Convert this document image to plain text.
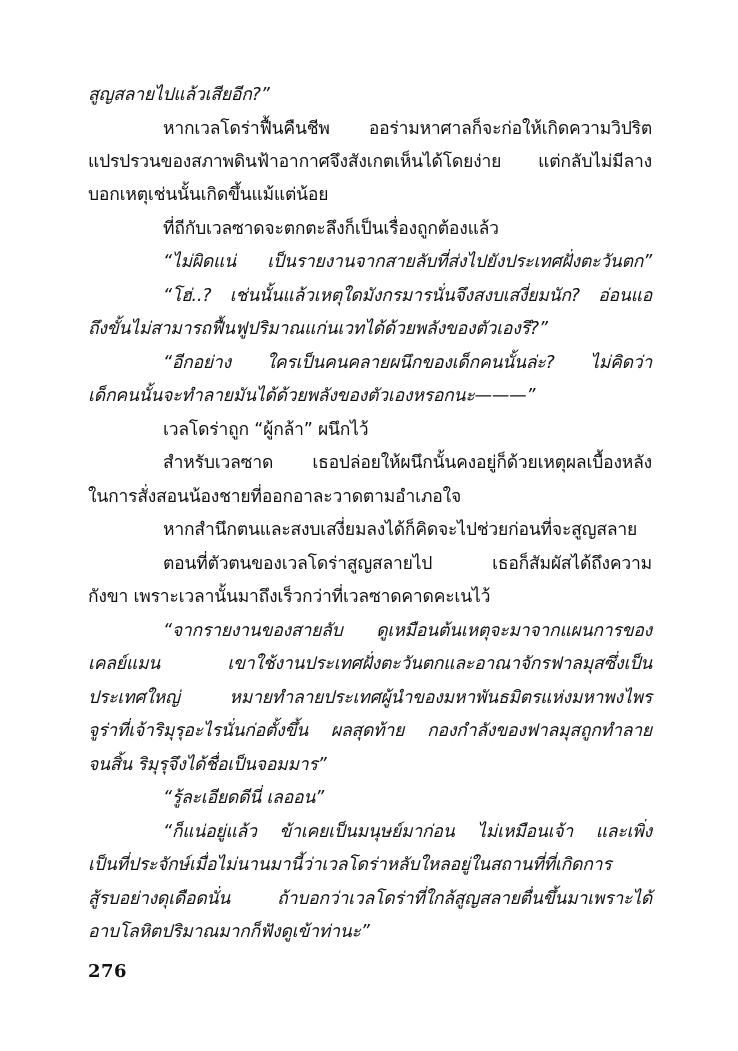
สูญสลายไปแล้วเสียอีก?”
หากเวลโดร่าฟื้นคืนชีพ ออร่ามหาศาลก็จะก่อให้เกิดความวิปริต
แปรปรวนของสภาพดินฟ้าอากาศจึงสังเกตเห็นได้โดยง่าย แต่กลับไม่มีลาง
บอกเหตุเช่นนั้นเกิดขึ้นแม้แต่น้อย
ที่ถีกับเวลซาดจะตกตะลึงก็เป็นเรื่องถูกต้องแล้ว
“ไม่ผิดแน่ เป็นรายงานจากสายลับที่ส่งไปยังประเทศฝั่งตะวันตก”
“โฮ่..? เช่นนั้นแล้วเหตุใดมังกรมารนั่นจึงสงบเสงี่ยมนัก? อ่อนแอ
ถึงขั้นไม่สามารถฟื้นฟูปริมาณแก่นเวทได้ด้วยพลังของตัวเองรึ?”
“อีกอย่าง ใครเป็นคนคลายผนึกของเด็กคนนั้นล่ะ? ไม่คิดว่า
เด็กคนนั้นจะทำลายมันได้ด้วยพลังของตัวเองหรอกนะ———”
เวลโดร่าถูก “ผู้กล้า” ผนึกไว้
สำหรับเวลซาด เธอปล่อยให้ผนึกนั้นคงอยู่ก็ด้วยเหตุผลเบื้องหลัง
ในการสั่งสอนน้องชายที่ออกอาละวาดตามอำเภอใจ
หากสำนึกตนและสงบเสงี่ยมลงได้ก็คิดจะไปช่วยก่อนที่จะสูญสลาย
ตอนที่ตัวตนของเวลโดร่าสูญสลายไป เธอก็สัมผัสได้ถึงความ
กังขา เพราะเวลานั้นมาถึงเร็วกว่าที่เวลซาดคาดคะเนไว้
“จากรายงานของสายลับ ดูเหมือนต้นเหตุจะมาจากแผนการของ
เคลย์แมน เขาใช้งานประเทศฝั่งตะวันตกและอาณาจักรฟาลมุสซึ่งเป็น
ประเทศใหญ่ หมายทำลายประเทศผู้นำของมหาพันธมิตรแห่งมหาพงไพร
จูร่าที่เจ้าริมุรุอะไรนั่นก่อตั้งขึ้น ผลสุดท้าย กองกำลังของฟาลมุสถูกทำลาย
จนสิ้น ริมุรุจึงได้ชื่อเป็นจอมมาร”
“รู้ละเอียดดีนี่ เลออน”
“ก็แน่อยู่แล้ว ข้าเคยเป็นมนุษย์มาก่อน ไม่เหมือนเจ้า และเพิ่ง
เป็นที่ประจักษ์เมื่อไม่นานมานี้ว่าเวลโดร่าหลับใหลอยู่ในสถานที่ที่เกิดการ
สู้รบอย่างดุเดือดนั่น ถ้าบอกว่าเวลโดร่าที่ใกล้สูญสลายตื่นขึ้นมาเพราะได้
อาบโลหิตปริมาณมากก็ฟังดูเข้าท่านะ”
276
